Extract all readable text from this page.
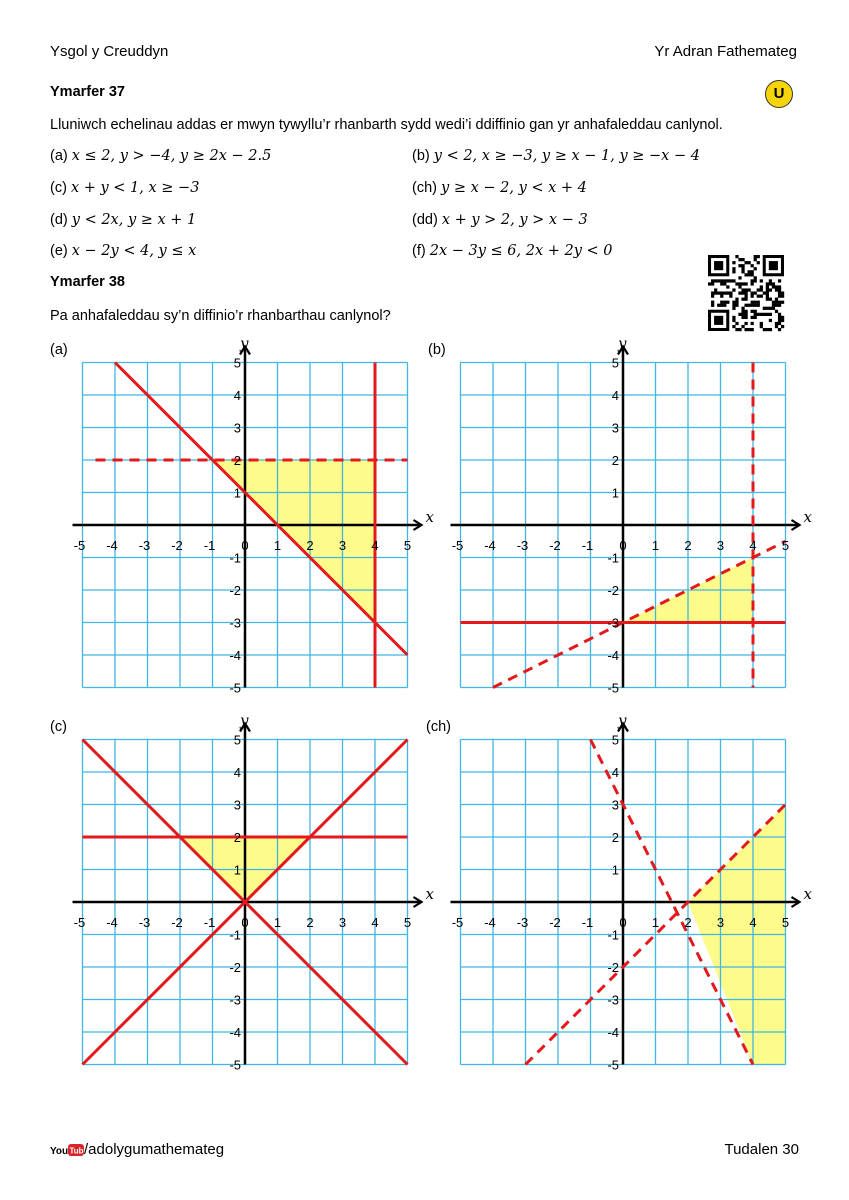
Ysgol y Creuddyn	Yr Adran Fathemateg
Ymarfer 37	U
Lluniwch echelinau addas er mwyn tywyllu’r rhanbarth sydd wedi’i ddiffinio gan yr anhafaleddau canlynol.
(a) x ≤ 2, y > −4, y ≥ 2x − 2.5	(b) y < 2, x ≥ −3, y ≥ x − 1, y ≥ −x − 4
(c) x + y < 1, x ≥ −3	(ch) y ≥ x − 2, y < x + 4
(d) y < 2x, y ≥ x + 1	(dd) x + y > 2, y > x − 3
(e) x − 2y < 4, y ≤ x	(f) 2x − 3y ≤ 6, 2x + 2y < 0
Ymarfer 38
Pa anhafaleddau sy’n diffinio’r rhanbarthau canlynol?
(a)	(b)
(c)	(ch)
-5 -4 -3 -2 -1 0 1 2 3 4 5
5
4
3
2
1
-1
-2
-3
-4
-5
x
y
-5 -4 -3 -2 -1 0 1 2 3 4 5
5
4
3
2
1
-1
-2
-3
-4
-5
x
y
-5 -4 -3 -2 -1 0 1 2 3 4 5
5
4
3
2
1
-1
-2
-3
-4
-5
x
y
-5 -4 -3 -2 -1 0 1 2 3 4 5
5
4
3
2
1
-1
-2
-3
-4
-5
x
y
You Tube
/adolygumathemateg	Tudalen 30
